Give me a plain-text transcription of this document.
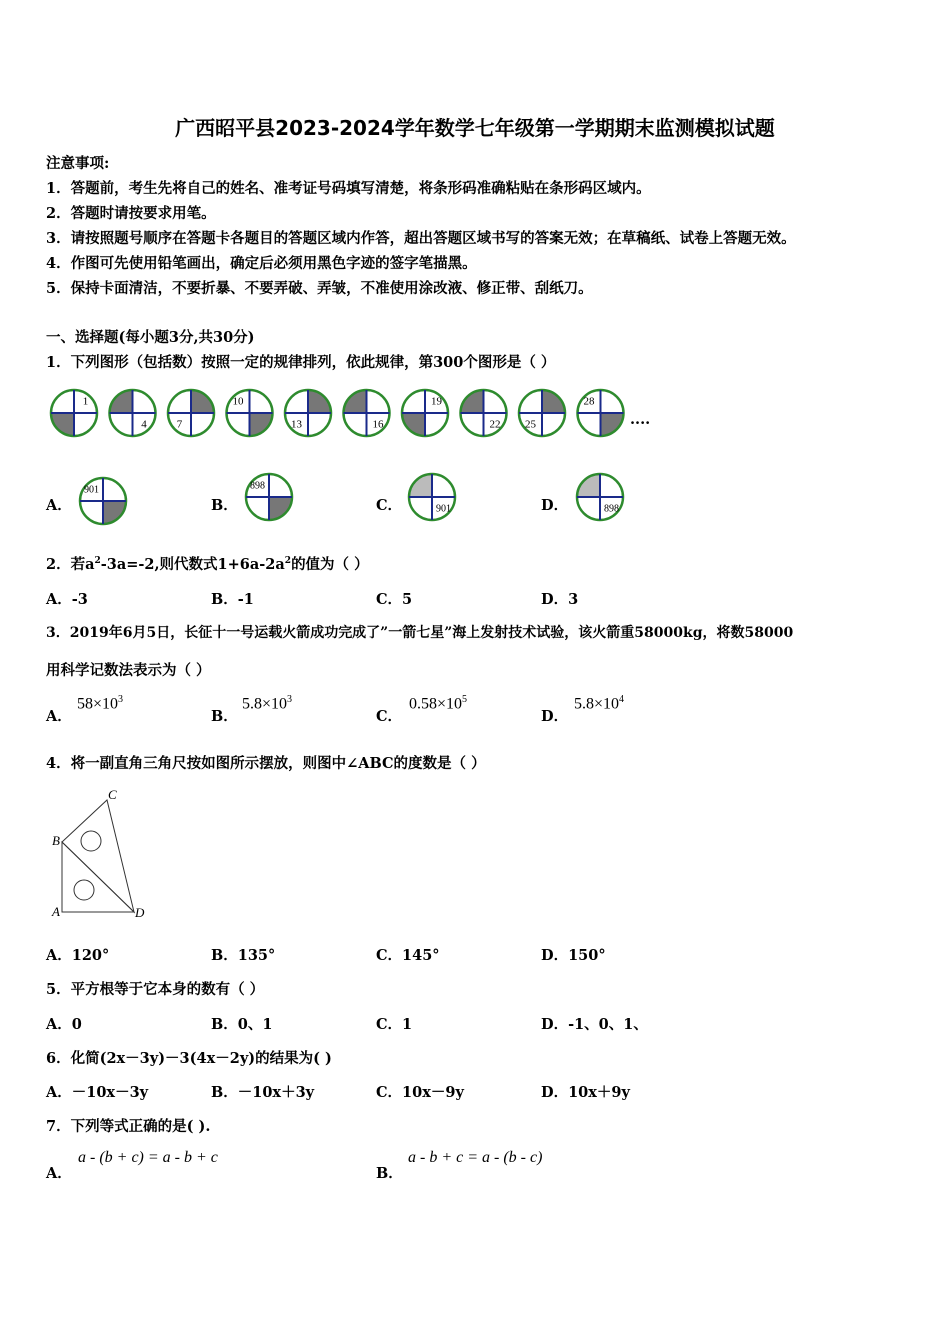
广西昭平县2023-2024学年数学七年级第一学期期末监测模拟试题
注意事项:
1．答题前，考生先将自己的姓名、准考证号码填写清楚，将条形码准确粘贴在条形码区域内。
2．答题时请按要求用笔。
3．请按照题号顺序在答题卡各题目的答题区域内作答，超出答题区域书写的答案无效；在草稿纸、试卷上答题无效。
4．作图可先使用铅笔画出，确定后必须用黑色字迹的签字笔描黑。
5．保持卡面清洁，不要折暴、不要弄破、弄皱，不准使用涂改液、修正带、刮纸刀。
一、选择题(每小题3分,共30分)
1．下列图形（包括数）按照一定的规律排列，依此规律，第300个图形是（ ）
1
4	7
10
13	16
19
22 25
28
....
A．	B．	C．	D．
901	898
901	898
2．若$a^2-3a=-2$,则代数式$1+6a-2a^2$的值为（ ）
A．-3	B．-1	C．5	D．3
3．2019年6月5日，长征十一号运载火箭成功完成了”一箭七星”海上发射技术试验，该火箭重58000kg，将数58000
用科学记数法表示为（ ）
A．
$58\times 10^3$
B．
$5.8\times 10^3$
C．
$0.58\times 10^5$
D．
$5.8\times 10^4$
4．将一副直角三角尺按如图所示摆放，则图中∠ABC的度数是（ ）
A
B
C
D
A．120°	B．135°	C．145°	D．150°
5．平方根等于它本身的数有（ ）
A．0	B．0、1	C．1	D．-1、0、1、
6．化简(2x－3y)－3(4x－2y)的结果为( )
A．－10x－3y	B．－10x＋3y	C．10x－9y	D．10x＋9y
7．下列等式正确的是( ).
A．
a - (b + c) = a - b + c
B．
a - b + c = a - (b - c)
